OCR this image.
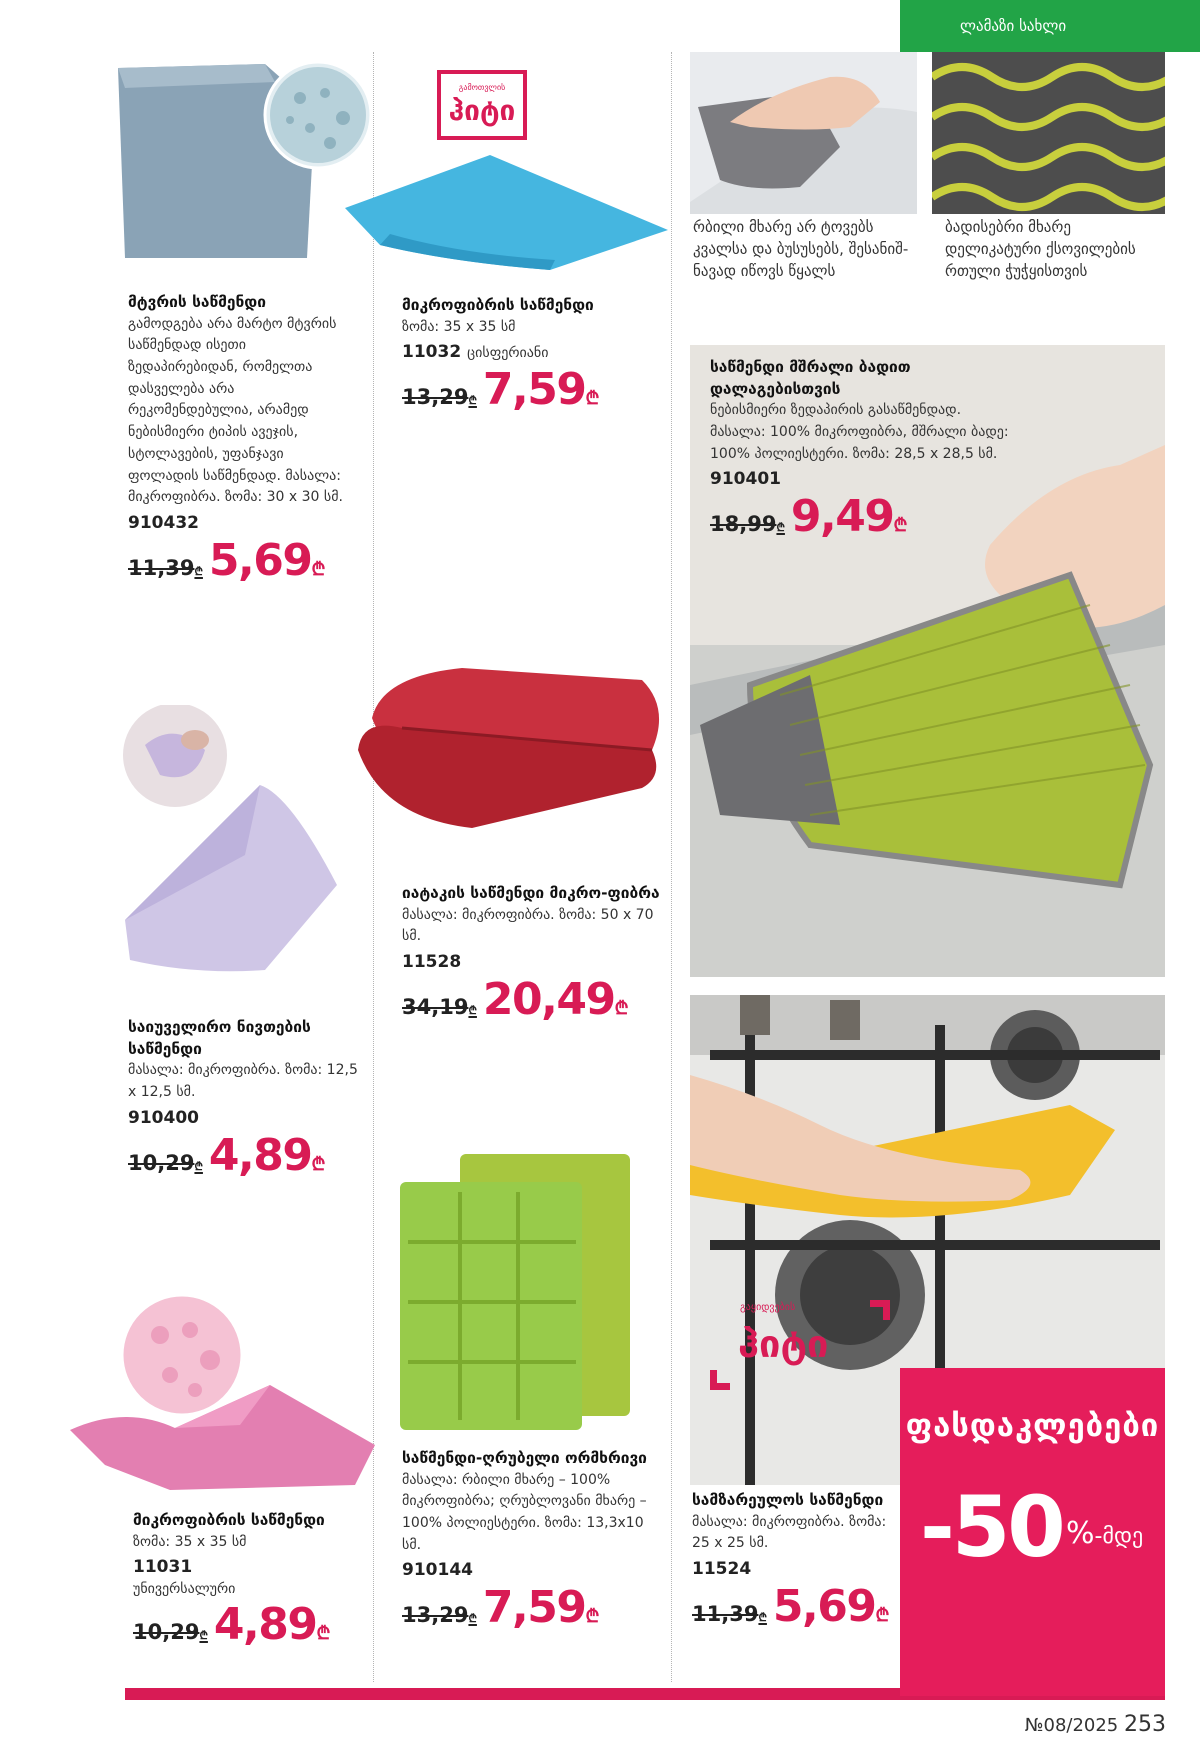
ლამაზი სახლი
მტვრის საწმენდი
გამოდგება არა მარტო მტვრის საწმენდად ისეთი ზედაპირებიდან, რომელთა დასველება არა რეკომენდებულია, არამედ ნებისმიერი ტიპის ავეჯის, სტოლავების, უფანჯავი ფოლადის საწმენდად. მასალა: მიკროფიბრა. ზომა: 30 x 30 სმ.
910432
11,39₾ 5,69₾
საიუველირო ნივთების საწმენდი
მასალა: მიკროფიბრა. ზომა: 12,5 x 12,5 სმ.
910400
10,29₾ 4,89₾
მიკროფიბრის საწმენდი
ზომა: 35 x 35 სმ
11031
უნივერსალური
10,29₾ 4,89₾
გამოთვლის
ჰიტი
მიკროფიბრის საწმენდი
ზომა: 35 x 35 სმ
11032 ცისფერიანი
13,29₾ 7,59₾
იატაკის საწმენდი მიკრო-ფიბრა
მასალა: მიკროფიბრა. ზომა: 50 x 70 სმ.
11528
34,19₾ 20,49₾
საწმენდი-ღრუბელი ორმხრივი
მასალა: რბილი მხარე – 100% მიკროფიბრა; ღრუბლოვანი მხარე – 100% პოლიესტერი. ზომა: 13,3x10 სმ.
910144
13,29₾ 7,59₾
რბილი მხარე არ ტოვებს კვალსა და ბუსუსებს, შესანიშ-ნავად იწოვს წყალს
ბადისებრი მხარე დელიკატური ქსოვილების რთული ჭუჭყისთვის
საწმენდი მშრალი ბადით დალაგებისთვის
ნებისმიერი ზედაპირის გასაწმენდად. მასალა: 100% მიკროფიბრა, მშრალი ბადე: 100% პოლიესტერი. ზომა: 28,5 x 28,5 სმ.
910401
18,99₾ 9,49₾
გაყიდვების
ჰიტი
სამზარეულოს საწმენდი
მასალა: მიკროფიბრა. ზომა: 25 x 25 სმ.
11524
11,39₾ 5,69₾
ფასდაკლებები
-50 %-მდე
№08/2025 253
